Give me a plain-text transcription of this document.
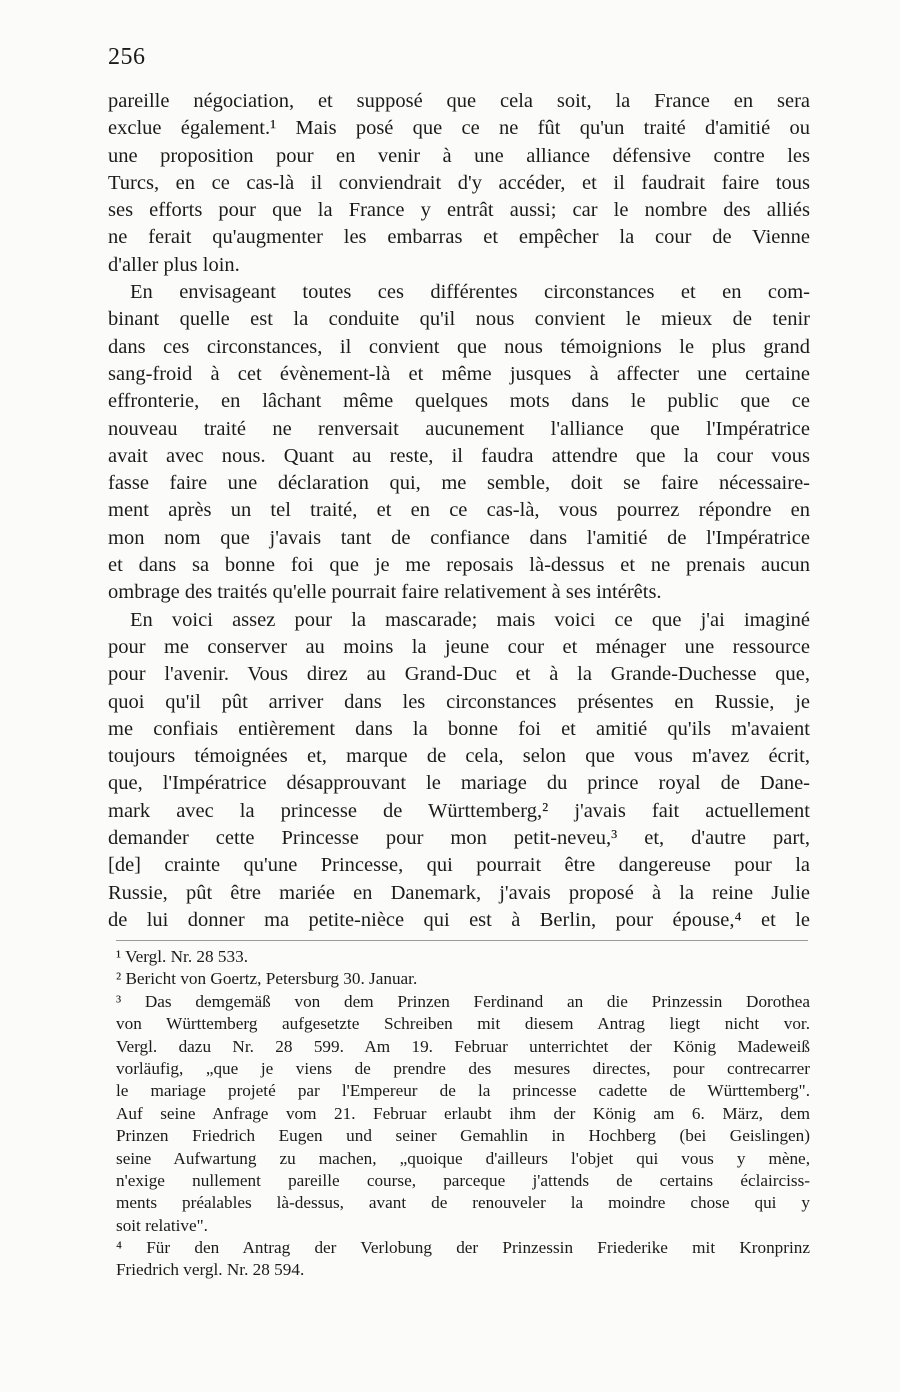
256
pareille négociation, et supposé que cela soit, la France en sera
exclue également.¹ Mais posé que ce ne fût qu'un traité d'amitié ou
une proposition pour en venir à une alliance défensive contre les
Turcs, en ce cas-là il conviendrait d'y accéder, et il faudrait faire tous
ses efforts pour que la France y entrât aussi; car le nombre des alliés
ne ferait qu'augmenter les embarras et empêcher la cour de Vienne
d'aller plus loin.
En envisageant toutes ces différentes circonstances et en com-
binant quelle est la conduite qu'il nous convient le mieux de tenir
dans ces circonstances, il convient que nous témoignions le plus grand
sang-froid à cet évènement-là et même jusques à affecter une certaine
effronterie, en lâchant même quelques mots dans le public que ce
nouveau traité ne renversait aucunement l'alliance que l'Impératrice
avait avec nous. Quant au reste, il faudra attendre que la cour vous
fasse faire une déclaration qui, me semble, doit se faire nécessaire-
ment après un tel traité, et en ce cas-là, vous pourrez répondre en
mon nom que j'avais tant de confiance dans l'amitié de l'Impératrice
et dans sa bonne foi que je me reposais là-dessus et ne prenais aucun
ombrage des traités qu'elle pourrait faire relativement à ses intérêts.
En voici assez pour la mascarade; mais voici ce que j'ai imaginé
pour me conserver au moins la jeune cour et ménager une ressource
pour l'avenir. Vous direz au Grand-Duc et à la Grande-Duchesse que,
quoi qu'il pût arriver dans les circonstances présentes en Russie, je
me confiais entièrement dans la bonne foi et amitié qu'ils m'avaient
toujours témoignées et, marque de cela, selon que vous m'avez écrit,
que, l'Impératrice désapprouvant le mariage du prince royal de Dane-
mark avec la princesse de Württemberg,² j'avais fait actuellement
demander cette Princesse pour mon petit-neveu,³ et, d'autre part,
[de] crainte qu'une Princesse, qui pourrait être dangereuse pour la
Russie, pût être mariée en Danemark, j'avais proposé à la reine Julie
de lui donner ma petite-nièce qui est à Berlin, pour épouse,⁴ et le
¹ Vergl. Nr. 28 533.
² Bericht von Goertz, Petersburg 30. Januar.
³ Das demgemäß von dem Prinzen Ferdinand an die Prinzessin Dorothea
von Württemberg aufgesetzte Schreiben mit diesem Antrag liegt nicht vor.
Vergl. dazu Nr. 28 599. Am 19. Februar unterrichtet der König Madeweiß
vorläufig, „que je viens de prendre des mesures directes, pour contrecarrer
le mariage projeté par l'Empereur de la princesse cadette de Württemberg".
Auf seine Anfrage vom 21. Februar erlaubt ihm der König am 6. März, dem
Prinzen Friedrich Eugen und seiner Gemahlin in Hochberg (bei Geislingen)
seine Aufwartung zu machen, „quoique d'ailleurs l'objet qui vous y mène,
n'exige nullement pareille course, parceque j'attends de certains éclairciss-
ments préalables là-dessus, avant de renouveler la moindre chose qui y
soit relative".
⁴ Für den Antrag der Verlobung der Prinzessin Friederike mit Kronprinz
Friedrich vergl. Nr. 28 594.
